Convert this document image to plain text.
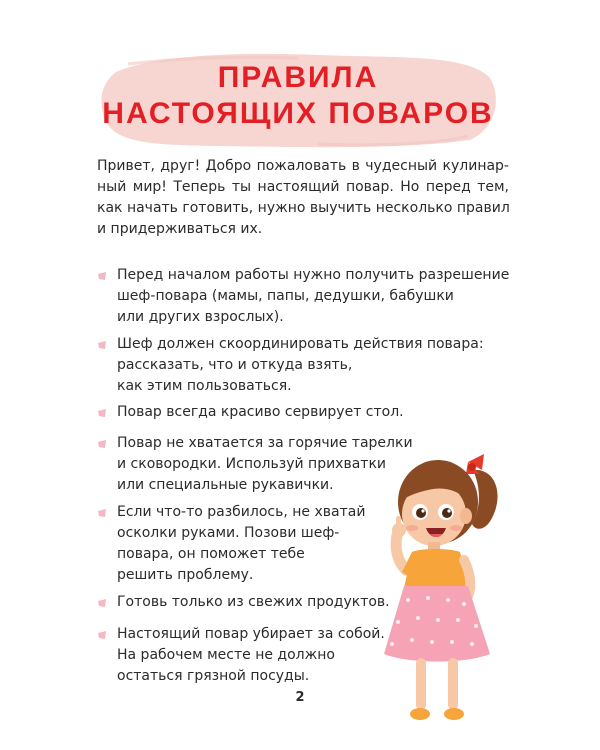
ПРАВИЛА
НАСТОЯЩИХ ПОВАРОВ
Привет, друг! Добро пожаловать в чудесный кулинар-
ный мир! Теперь ты настоящий повар. Но перед тем,
как начать готовить, нужно выучить несколько правил
и придерживаться их.
Перед началом работы нужно получить разрешение
шеф-повара (мамы, папы, дедушки, бабушки
или других взрослых).
Шеф должен скоординировать действия повара:
рассказать, что и откуда взять,
как этим пользоваться.
Повар всегда красиво сервирует стол.
Повар не хватается за горячие тарелки
и сковородки. Используй прихватки
или специальные рукавички.
Если что-то разбилось, не хватай
осколки руками. Позови шеф-
повара, он поможет тебе
решить проблему.
Готовь только из свежих продуктов.
Настоящий повар убирает за собой.
На рабочем месте не должно
остаться грязной посуды.
2
